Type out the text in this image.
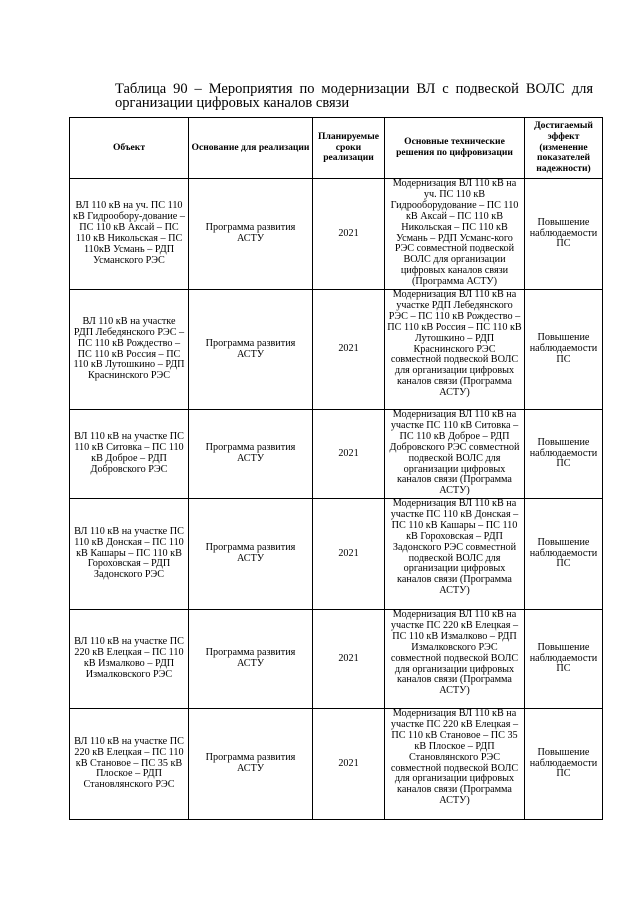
Таблица 90 – Мероприятия по модернизации ВЛ с подвеской ВОЛС для
организации цифровых каналов связи
Объект	Основание для реализации	Планируемые сроки реализации	Основные технические решения по цифровизации	Достигаемый эффект (изменение показателей надежности)
ВЛ 110 кВ на уч. ПС 110 кВ Гидрообору-дование – ПС 110 кВ Аксай – ПС 110 кВ Никольская – ПС 110кВ Усмань – РДП Усманского РЭС	Программа развития АСТУ	2021	Модернизация ВЛ 110 кВ на уч. ПС 110 кВ Гидрооборудование – ПС 110 кВ Аксай – ПС 110 кВ Никольская – ПС 110 кВ Усмань – РДП Усманс-кого РЭС совместной подвеской ВОЛС для организации цифровых каналов связи (Программа АСТУ)	Повышение наблюдаемости ПС
ВЛ 110 кВ на участке РДП Лебедянского РЭС – ПС 110 кВ Рождество – ПС 110 кВ Россия – ПС 110 кВ Лутошкино – РДП Краснинского РЭС	Программа развития АСТУ	2021	Модернизация ВЛ 110 кВ на участке РДП Лебедянского РЭС – ПС 110 кВ Рождество – ПС 110 кВ Россия – ПС 110 кВ Лутошкино – РДП Краснинского РЭС совместной подвеской ВОЛС для организации цифровых каналов связи (Программа АСТУ)	Повышение наблюдаемости ПС
ВЛ 110 кВ на участке ПС 110 кВ Ситовка – ПС 110 кВ Доброе – РДП Добровского РЭС	Программа развития АСТУ	2021	Модернизация ВЛ 110 кВ на участке ПС 110 кВ Ситовка – ПС 110 кВ Доброе – РДП Добровского РЭС совместной подвеской ВОЛС для организации цифровых каналов связи (Программа АСТУ)	Повышение наблюдаемости ПС
ВЛ 110 кВ на участке ПС 110 кВ Донская – ПС 110 кВ Кашары – ПС 110 кВ Гороховская – РДП Задонского РЭС	Программа развития АСТУ	2021	Модернизация ВЛ 110 кВ на участке ПС 110 кВ Донская – ПС 110 кВ Кашары – ПС 110 кВ Гороховская – РДП Задонского РЭС совместной подвеской ВОЛС для организации цифровых каналов связи (Программа АСТУ)	Повышение наблюдаемости ПС
ВЛ 110 кВ на участке ПС 220 кВ Елецкая – ПС 110 кВ Измалково – РДП Измалковского РЭС	Программа развития АСТУ	2021	Модернизация ВЛ 110 кВ на участке ПС 220 кВ Елецкая – ПС 110 кВ Измалково – РДП Измалковского РЭС совместной подвеской ВОЛС для организации цифровых каналов связи (Программа АСТУ)	Повышение наблюдаемости ПС
ВЛ 110 кВ на участке ПС 220 кВ Елецкая – ПС 110 кВ Становое – ПС 35 кВ Плоское – РДП Становлянского РЭС	Программа развития АСТУ	2021	Модернизация ВЛ 110 кВ на участке ПС 220 кВ Елецкая – ПС 110 кВ Становое – ПС 35 кВ Плоское – РДП Становлянского РЭС совместной подвеской ВОЛС для организации цифровых каналов связи (Программа АСТУ)	Повышение наблюдаемости ПС
